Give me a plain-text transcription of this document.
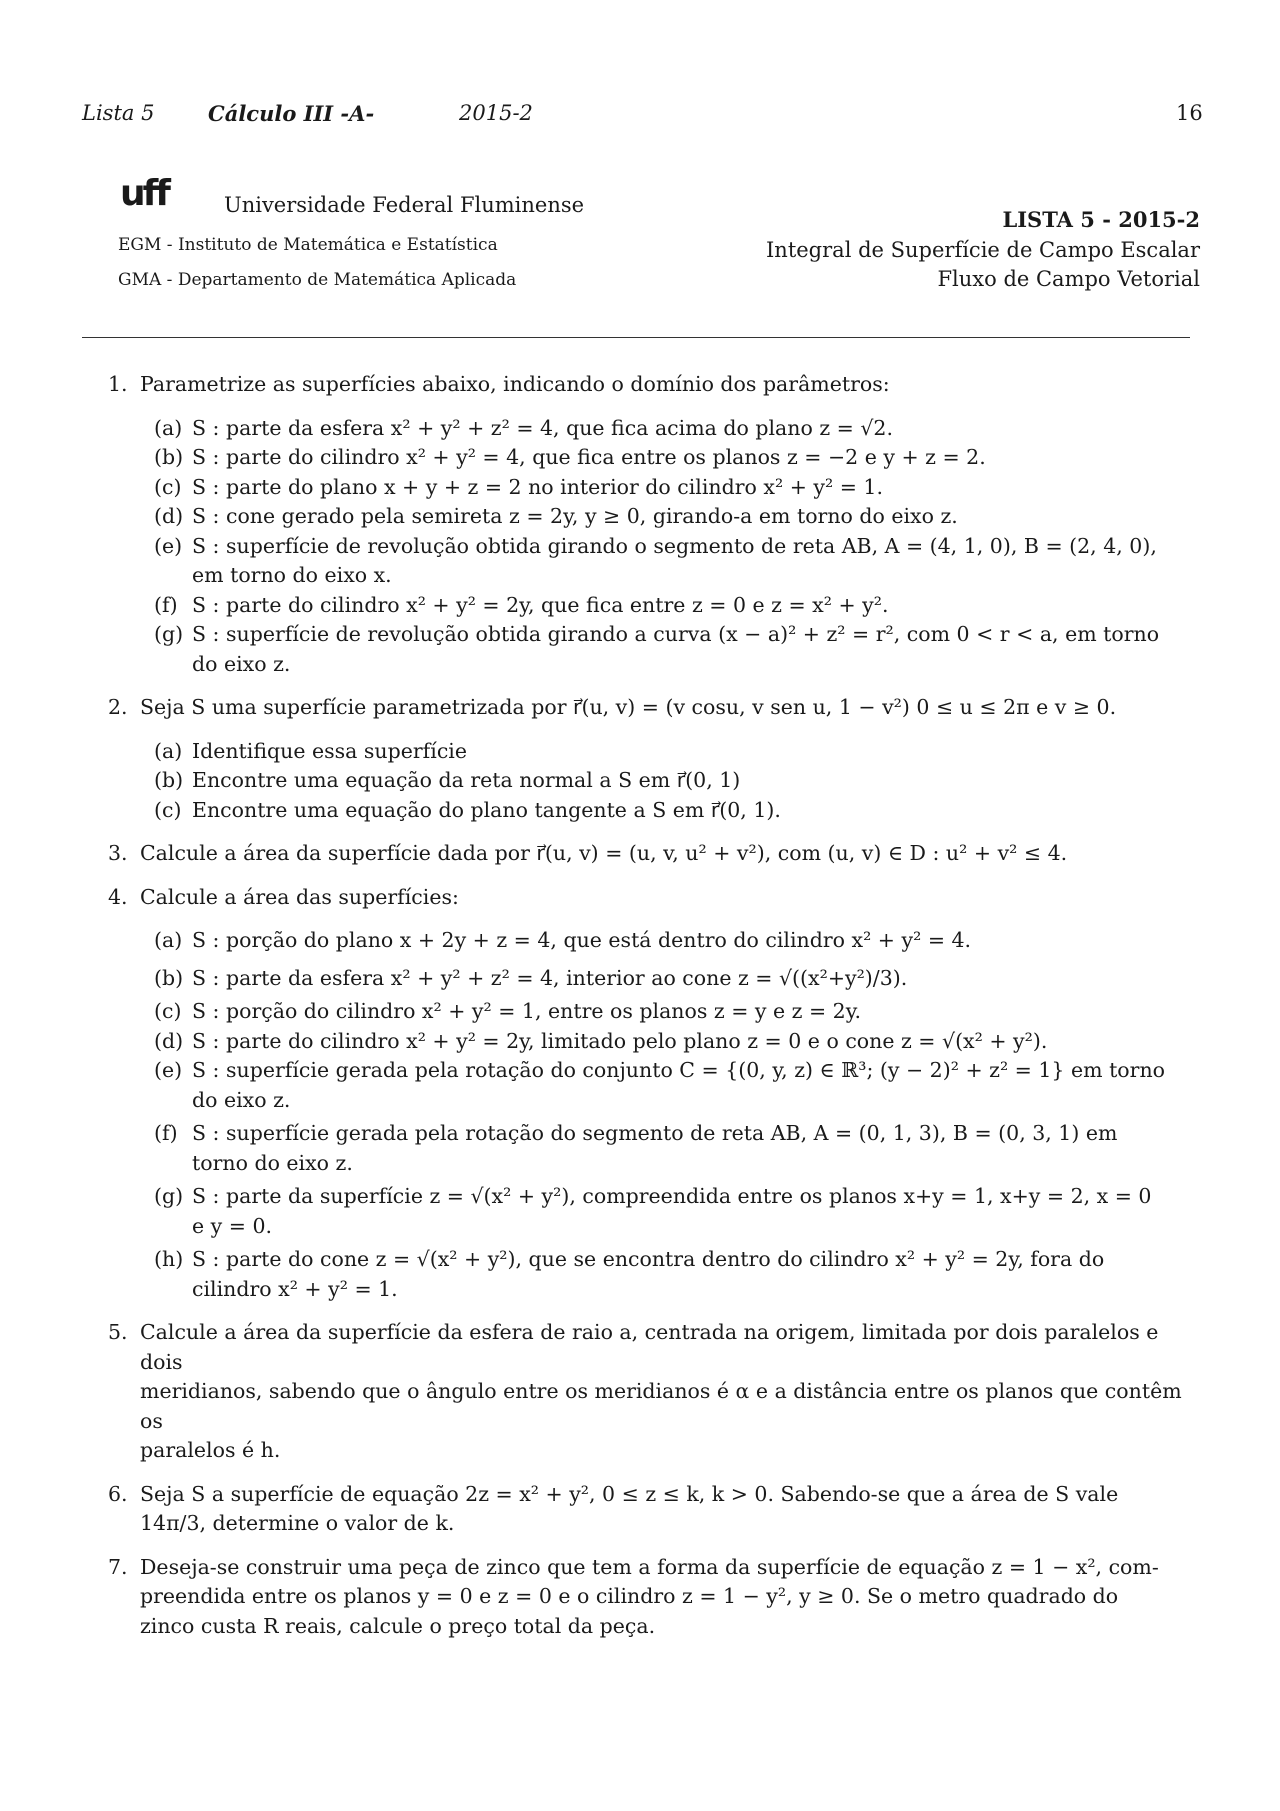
Lista 5	Cálculo III -A-	2015-2	16
uff	Universidade Federal Fluminense
EGM - Instituto de Matemática e Estatística
GMA - Departamento de Matemática Aplicada
LISTA 5 - 2015-2
Integral de Superfície de Campo Escalar
Fluxo de Campo Vetorial
1. Parametrize as superfícies abaixo, indicando o domínio dos parâmetros:
(a) S : parte da esfera x² + y² + z² = 4, que fica acima do plano z = √2.
(b) S : parte do cilindro x² + y² = 4, que fica entre os planos z = −2 e y + z = 2.
(c) S : parte do plano x + y + z = 2 no interior do cilindro x² + y² = 1.
(d) S : cone gerado pela semireta z = 2y, y ≥ 0, girando-a em torno do eixo z.
(e) S : superfície de revolução obtida girando o segmento de reta AB, A = (4, 1, 0), B = (2, 4, 0),
em torno do eixo x.
(f) S : parte do cilindro x² + y² = 2y, que fica entre z = 0 e z = x² + y².
(g) S : superfície de revolução obtida girando a curva (x − a)² + z² = r², com 0 < r < a, em torno
do eixo z.
2. Seja S uma superfície parametrizada por r⃗(u, v) = (v cosu, v sen u, 1 − v²) 0 ≤ u ≤ 2π e v ≥ 0.
(a) Identifique essa superfície
(b) Encontre uma equação da reta normal a S em r⃗(0, 1)
(c) Encontre uma equação do plano tangente a S em r⃗(0, 1).
3. Calcule a área da superfície dada por r⃗(u, v) = (u, v, u² + v²), com (u, v) ∈ D : u² + v² ≤ 4.
4. Calcule a área das superfícies:
(a) S : porção do plano x + 2y + z = 4, que está dentro do cilindro x² + y² = 4.
(b) S : parte da esfera x² + y² + z² = 4, interior ao cone z = √((x²+y²)/3).
(c) S : porção do cilindro x² + y² = 1, entre os planos z = y e z = 2y.
(d) S : parte do cilindro x² + y² = 2y, limitado pelo plano z = 0 e o cone z = √(x² + y²).
(e) S : superfície gerada pela rotação do conjunto C = {(0, y, z) ∈ ℝ³; (y − 2)² + z² = 1} em torno
do eixo z.
(f) S : superfície gerada pela rotação do segmento de reta AB, A = (0, 1, 3), B = (0, 3, 1) em
torno do eixo z.
(g) S : parte da superfície z = √(x² + y²), compreendida entre os planos x+y = 1, x+y = 2, x = 0
e y = 0.
(h) S : parte do cone z = √(x² + y²), que se encontra dentro do cilindro x² + y² = 2y, fora do
cilindro x² + y² = 1.
5. Calcule a área da superfície da esfera de raio a, centrada na origem, limitada por dois paralelos e dois
meridianos, sabendo que o ângulo entre os meridianos é α e a distância entre os planos que contêm os
paralelos é h.
6. Seja S a superfície de equação 2z = x² + y², 0 ≤ z ≤ k, k > 0. Sabendo-se que a área de S vale
14π/3, determine o valor de k.
7. Deseja-se construir uma peça de zinco que tem a forma da superfície de equação z = 1 − x², com-
preendida entre os planos y = 0 e z = 0 e o cilindro z = 1 − y², y ≥ 0. Se o metro quadrado do
zinco custa R reais, calcule o preço total da peça.
